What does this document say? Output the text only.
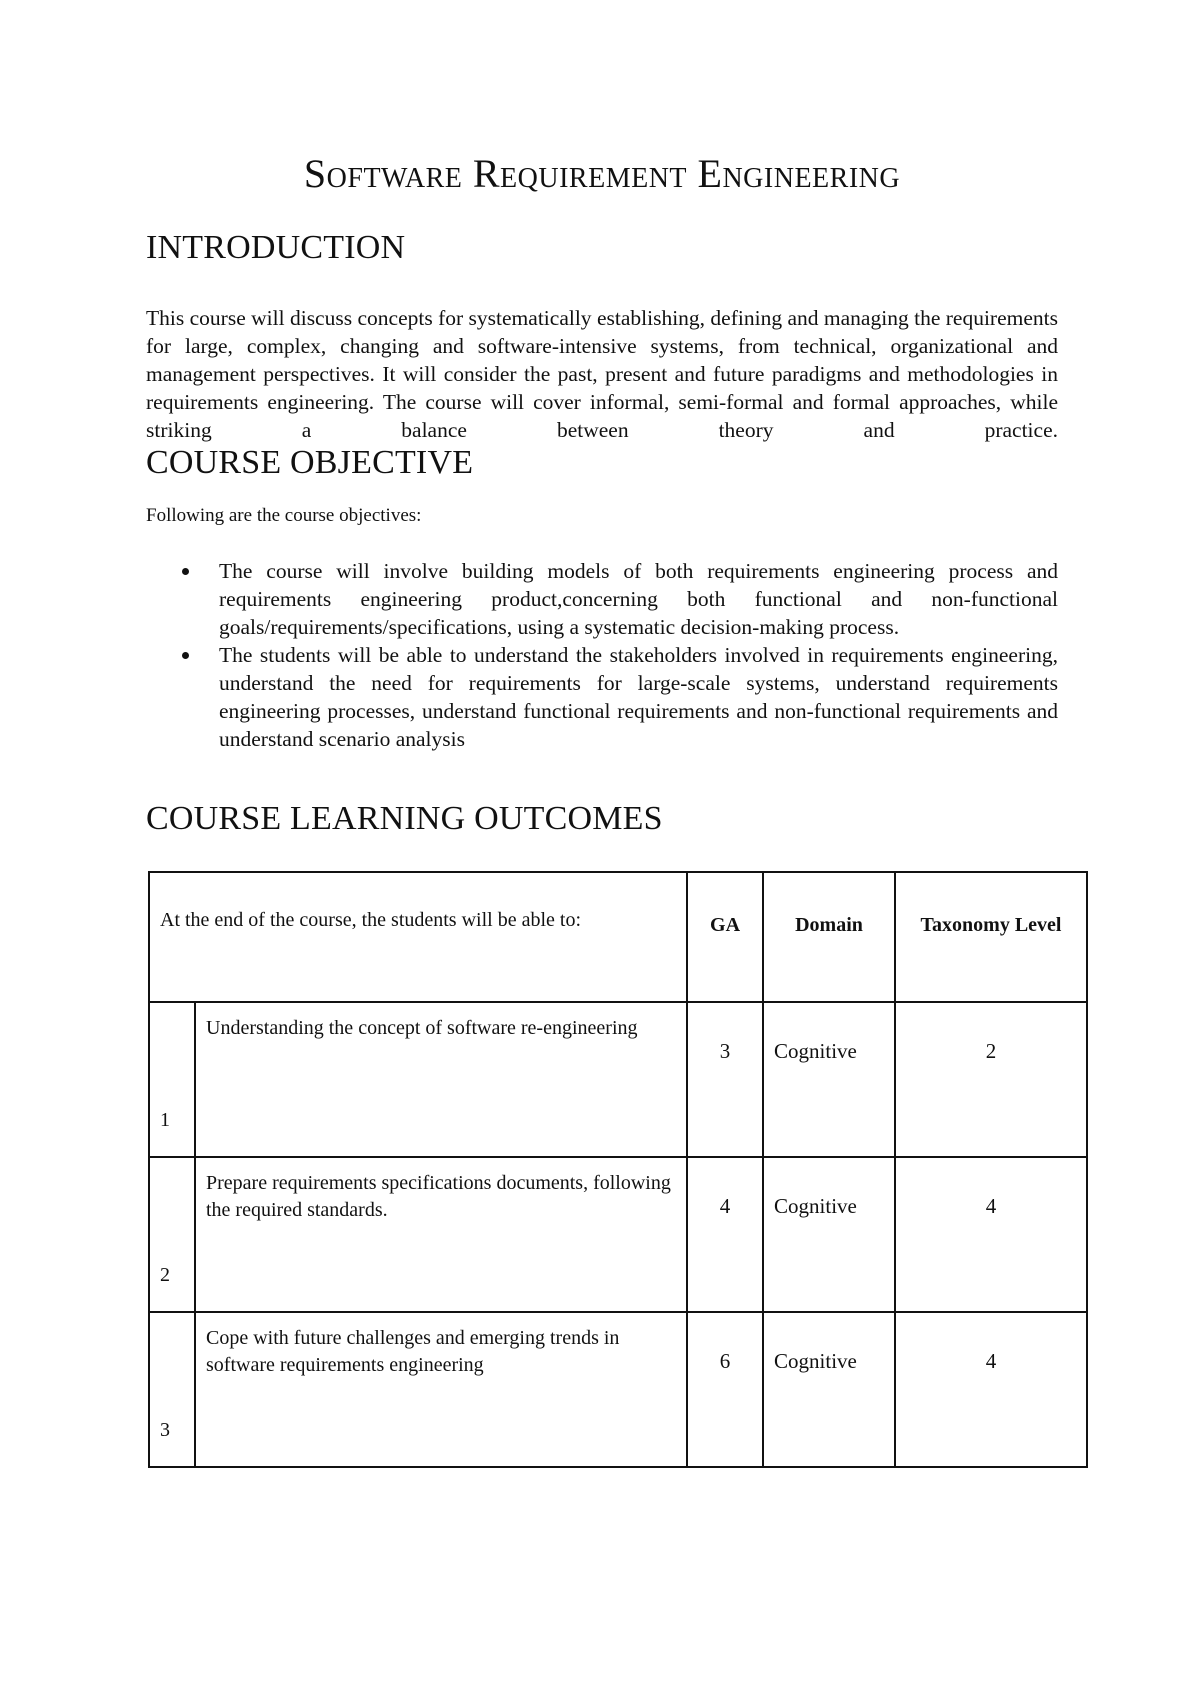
Software Requirement Engineering
INTRODUCTION

This course will discuss concepts for systematically establishing, defining and managing the requirements for large, complex, changing and software-intensive systems, from technical, organizational and management perspectives. It will consider the past, present and future paradigms and methodologies in requirements engineering. The course will cover informal, semi-formal and formal approaches, while striking a balance between theory and practice.

COURSE OBJECTIVE

Following are the course objectives:

The course will involve building models of both requirements engineering process and requirements engineering product,concerning both functional and non-functional goals/requirements/specifications, using a systematic decision-making process.
The students will be able to understand the stakeholders involved in requirements engineering, understand the need for requirements for large-scale systems, understand requirements engineering processes, understand functional requirements and non-functional requirements and understand scenario analysis
COURSE LEARNING OUTCOMES
At the end of the course, the students will be able to:		GA	Domain	Taxonomy Level
1	Understanding the concept of software re-engineering	3	Cognitive	2
2	Prepare requirements specifications documents, following the required standards.	4	Cognitive	4
3	Cope with future challenges and emerging trends in software requirements engineering	6	Cognitive	4
